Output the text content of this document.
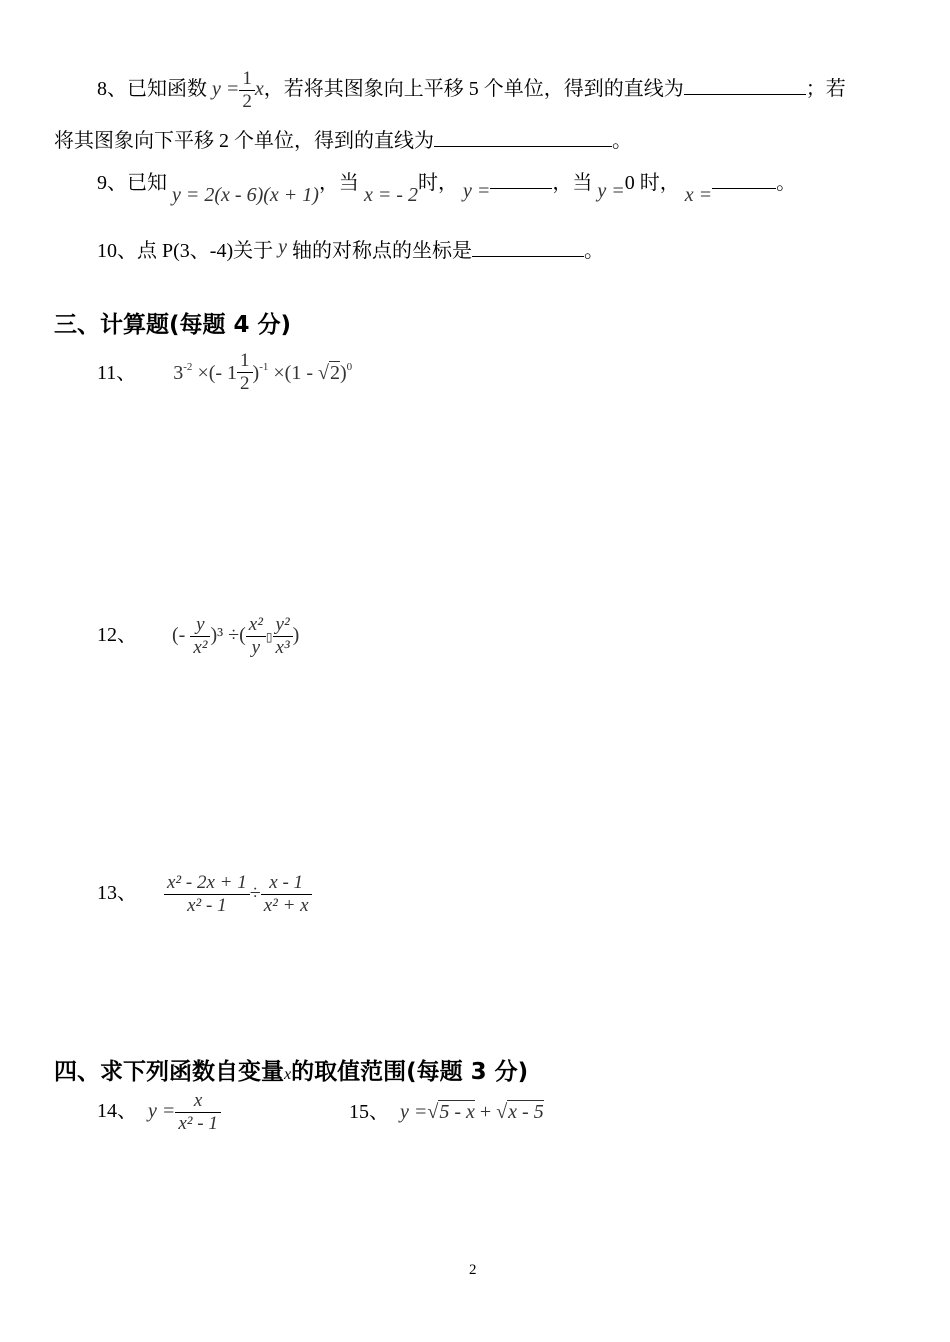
8、已知函数 $y = \frac{1}{2}$ x，若将其图象向上平移 5 个单位，得到的直线为	；若
将其图象向下平移 2 个单位，得到的直线为	。
9、已知 y = 2(x - 6)(x + 1)，当 x = - 2时， y =	，当 y =0 时， x =。
10、点 P(3、-4)关于 y 轴的对称点的坐标是	。
三、计算题(每题 4 分)
11、 $3^{-2}$ ×(- $1 \frac{1}{2} )^{-1} \times(1 - √2)^0$
12、 (- $\frac{y}{\text{x²}} )^3$ ÷( $\frac{\text{x²}}{y}$ ▯ $\frac{\text{y²}}{\text{x³}}$ )
13、 $\frac{\text{x² - 2x + 1}}{\text{x² - 1}} \div \frac{x - 1}{\text{x² + x}}$
四、求下列函数自变量x的取值范围(每题 3 分)
14、 $y = \frac{x}{\text{x² - 1}}$	15、 y =√5 - x + √x - 5
2
